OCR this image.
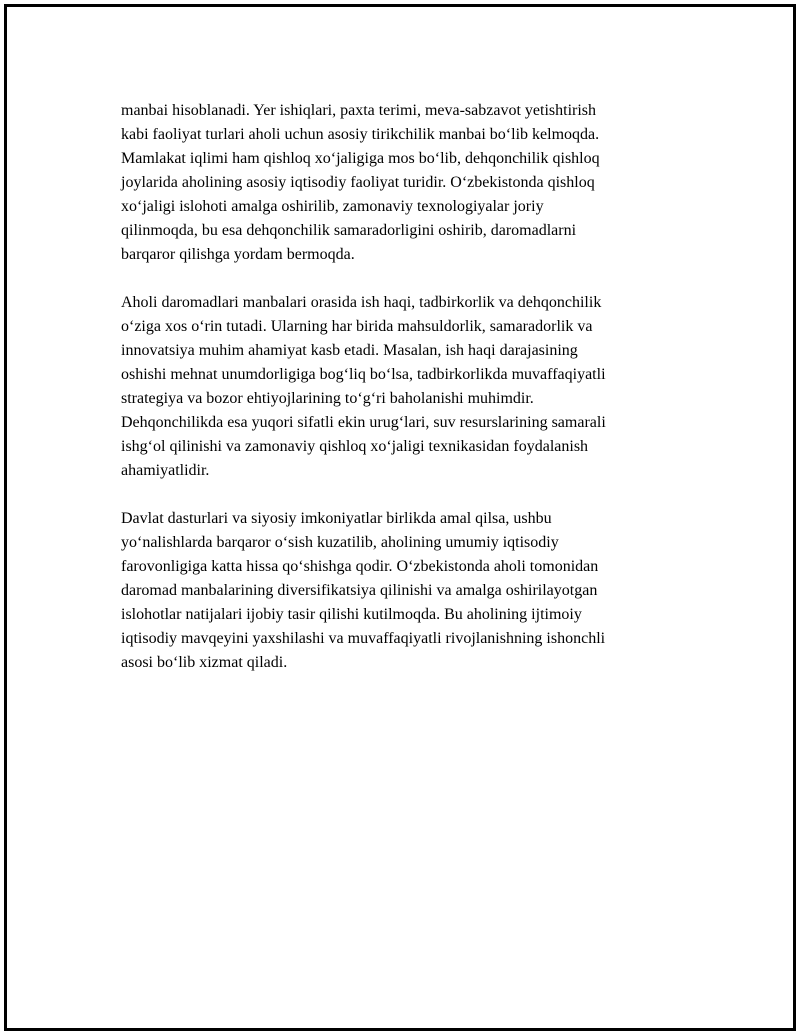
manbai hisoblanadi. Yer ishiqlari, paxta terimi, meva-sabzavot yetishtirish
kabi faoliyat turlari aholi uchun asosiy tirikchilik manbai bo‘lib kelmoqda.
Mamlakat iqlimi ham qishloq xo‘jaligiga mos bo‘lib, dehqonchilik qishloq
joylarida aholining asosiy iqtisodiy faoliyat turidir. O‘zbekistonda qishloq
xo‘jaligi islohoti amalga oshirilib, zamonaviy texnologiyalar joriy
qilinmoqda, bu esa dehqonchilik samaradorligini oshirib, daromadlarni
barqaror qilishga yordam bermoqda.

Aholi daromadlari manbalari orasida ish haqi, tadbirkorlik va dehqonchilik
o‘ziga xos o‘rin tutadi. Ularning har birida mahsuldorlik, samaradorlik va
innovatsiya muhim ahamiyat kasb etadi. Masalan, ish haqi darajasining
oshishi mehnat unumdorligiga bog‘liq bo‘lsa, tadbirkorlikda muvaffaqiyatli
strategiya va bozor ehtiyojlarining to‘g‘ri baholanishi muhimdir.
Dehqonchilikda esa yuqori sifatli ekin urug‘lari, suv resurslarining samarali
ishg‘ol qilinishi va zamonaviy qishloq xo‘jaligi texnikasidan foydalanish
ahamiyatlidir.

Davlat dasturlari va siyosiy imkoniyatlar birlikda amal qilsa, ushbu
yo‘nalishlarda barqaror o‘sish kuzatilib, aholining umumiy iqtisodiy
farovonligiga katta hissa qo‘shishga qodir. O‘zbekistonda aholi tomonidan
daromad manbalarining diversifikatsiya qilinishi va amalga oshirilayotgan
islohotlar natijalari ijobiy tasir qilishi kutilmoqda. Bu aholining ijtimoiy
iqtisodiy mavqeyini yaxshilashi va muvaffaqiyatli rivojlanishning ishonchli
asosi bo‘lib xizmat qiladi.
